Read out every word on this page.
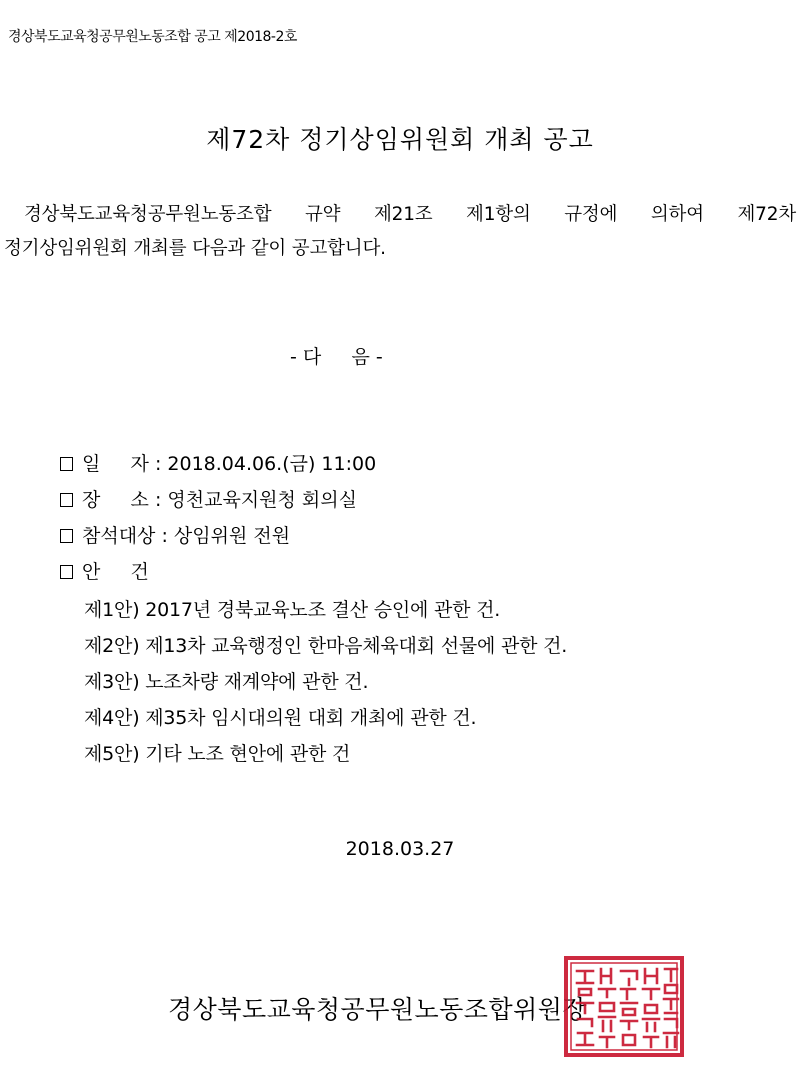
경상북도교육청공무원노동조합 공고 제2018-2호
제72차 정기상임위원회 개최 공고
경상북도교육청공무원노동조합 규약 제21조 제1항의 규정에 의하여 제72차
정기상임위원회 개최를 다음과 같이 공고합니다.
- 다     음 -
일     자 : 2018.04.06.(금) 11:00
장     소 : 영천교육지원청 회의실
참석대상 : 상임위원 전원
안     건
제1안) 2017년 경북교육노조 결산 승인에 관한 건.
제2안) 제13차 교육행정인 한마음체육대회 선물에 관한 건.
제3안) 노조차량 재계약에 관한 건.
제4안) 제35차 임시대의원 대회 개최에 관한 건.
제5안) 기타 노조 현안에 관한 건
2018.03.27
경상북도교육청공무원노동조합위원장
